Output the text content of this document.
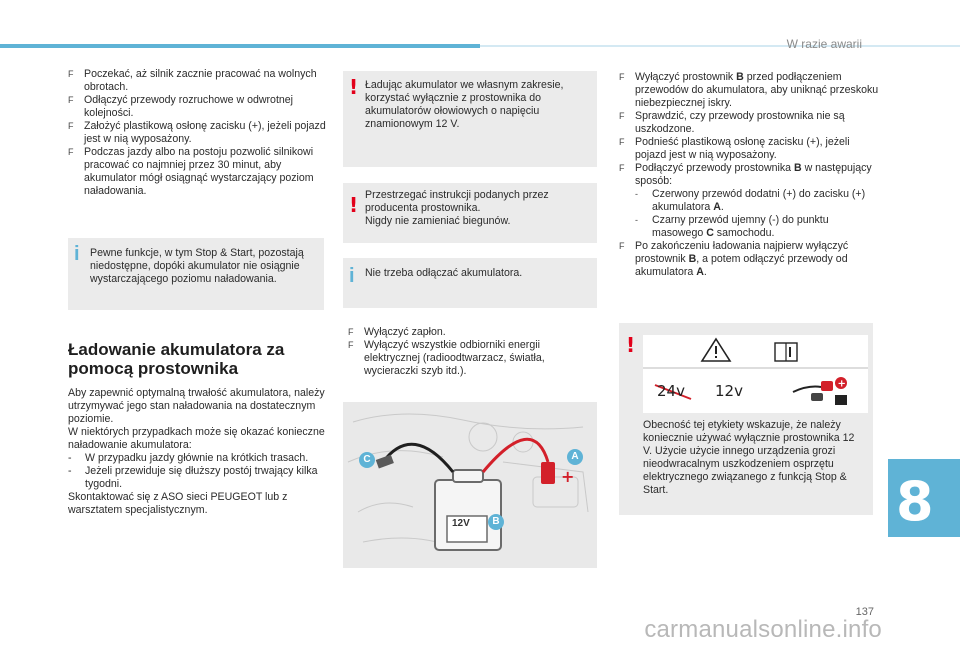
W razie awarii
F Poczekać, aż silnik zacznie pracować na wolnych obrotach.
F Odłączyć przewody rozruchowe w odwrotnej kolejności.
F Założyć plastikową osłonę zacisku (+), jeżeli pojazd jest w nią wyposażony.
F Podczas jazdy albo na postoju pozwolić silnikowi pracować co najmniej przez 30 minut, aby akumulator mógł osiągnąć wystarczający poziom naładowania.
i Pewne funkcje, w tym Stop & Start, pozostają niedostępne, dopóki akumulator nie osiągnie wystarczającego poziomu naładowania.
Ładowanie akumulatora za pomocą prostownika
Aby zapewnić optymalną trwałość akumulatora, należy utrzymywać jego stan naładowania na dostatecznym poziomie.
W niektórych przypadkach może się okazać konieczne naładowanie akumulatora:
- W przypadku jazdy głównie na krótkich trasach.
- Jeżeli przewiduje się dłuższy postój trwający kilka tygodni.
Skontaktować się z ASO sieci PEUGEOT lub z warsztatem specjalistycznym.
! Ładując akumulator we własnym zakresie, korzystać wyłącznie z prostownika do akumulatorów ołowiowych o napięciu znamionowym 12 V.
! Przestrzegać instrukcji podanych przez producenta prostownika.
Nigdy nie zamieniać biegunów.
i Nie trzeba odłączać akumulatora.
F Wyłączyć zapłon.
F Wyłączyć wszystkie odbiorniki energii elektrycznej (radioodtwarzacz, światła, wycieraczki szyb itd.).
+
12V
C	A
B
F Wyłączyć prostownik B przed podłączeniem przewodów do akumulatora, aby uniknąć przeskoku niebezpiecznej iskry.
F Sprawdzić, czy przewody prostownika nie są uszkodzone.
F Podnieść plastikową osłonę zacisku (+), jeżeli pojazd jest w nią wyposażony.
F Podłączyć przewody prostownika B w następujący sposób:
- Czerwony przewód dodatni (+) do zacisku (+) akumulatora A.
- Czarny przewód ujemny (-) do punktu masowego C samochodu.
F Po zakończeniu ładowania najpierw wyłączyć prostownik B, a potem odłączyć przewody od akumulatora A.
!
Obecność tej etykiety wskazuje, że należy koniecznie używać wyłącznie prostownika 12 V. Użycie użycie innego urządzenia grozi nieodwracalnym uszkodzeniem osprzętu elektrycznego związanego z funkcją Stop & Start.
+
24v 12v
8
137
carmanualsonline.info
